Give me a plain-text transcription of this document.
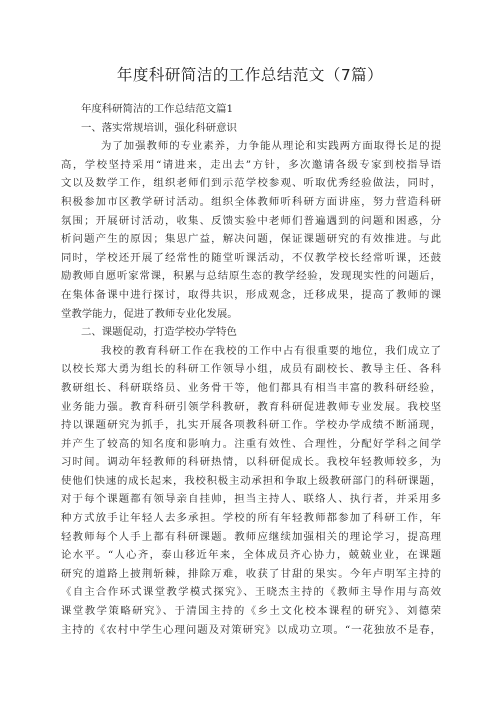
年度科研简洁的工作总结范文（7篇）
年度科研简洁的工作总结范文篇1
一、落实常规培训，强化科研意识
为了加强教师的专业素养，力争能从理论和实践两方面取得长足的提
高，学校坚持采用“请进来，走出去”方针，多次邀请各级专家到校指导语
文以及数学工作，组织老师们到示范学校参观、听取优秀经验做法，同时，
积极参加市区教学研讨活动。组织全体教师听科研方面讲座，努力营造科研
氛围；开展研讨活动，收集、反馈实验中老师们普遍遇到的问题和困惑，分
析问题产生的原因；集思广益，解决问题，保证课题研究的有效推进。与此
同时，学校还开展了经常性的随堂听课活动，不仅教学校长经常听课，还鼓
励教师自愿听家常课，积累与总结原生态的教学经验，发现现实性的问题后，
在集体备课中进行探讨，取得共识，形成观念，迁移成果，提高了教师的课
堂教学能力，促进了教师专业化发展。
二、课题促动，打造学校办学特色
我校的教育科研工作在我校的工作中占有很重要的地位，我们成立了
以校长郑大勇为组长的科研工作领导小组，成员有副校长、教导主任、各科
教研组长、科研联络员、业务骨干等，他们都具有相当丰富的教科研经验，
业务能力强。教育科研引领学科教研，教育科研促进教师专业发展。我校坚
持以课题研究为抓手，扎实开展各项教科研工作。学校办学成绩不断涌现，
并产生了较高的知名度和影响力。注重有效性、合理性，分配好学科之间学
习时间。调动年轻教师的科研热情，以科研促成长。我校年轻教师较多，为
使他们快速的成长起来，我校积极主动承担和争取上级教研部门的科研课题，
对于每个课题都有领导亲自挂帅，担当主持人、联络人、执行者，并采用多
种方式放手让年轻人去多承担。学校的所有年轻教师都参加了科研工作，年
轻教师每个人手上都有科研课题。教师应继续加强相关的理论学习，提高理
论水平。“人心齐，泰山移近年来，全体成员齐心协力，兢兢业业，在课题
研究的道路上披荆斩棘，排除万难，收获了甘甜的果实。今年卢明军主持的
《自主合作环式课堂教学模式探究》、王晓杰主持的《教师主导作用与高效
课堂教学策略研究》、于清国主持的《乡土文化校本课程的研究》、刘德荣
主持的《农村中学生心理问题及对策研究》以成功立项。“一花独放不是春，
